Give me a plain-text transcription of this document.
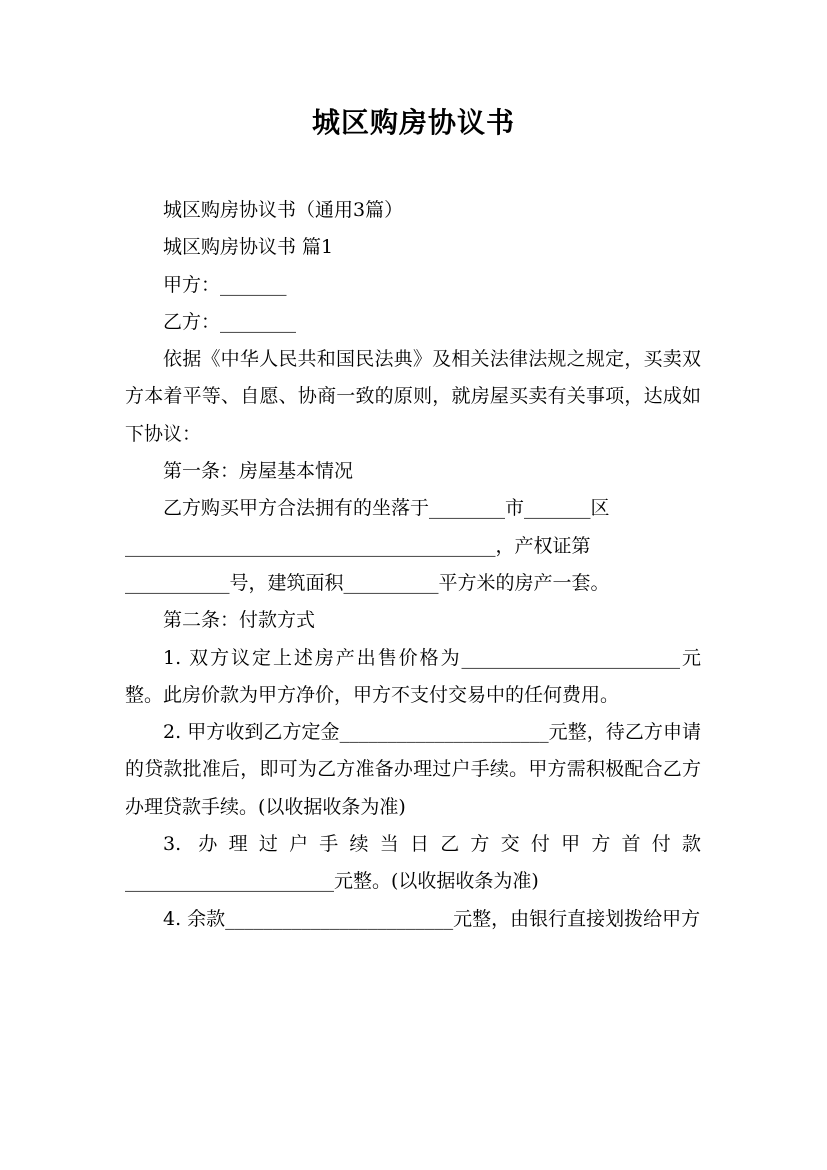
城区购房协议书

城区购房协议书（通用3篇）

城区购房协议书 篇1

甲方：_______

乙方：________

依据《中华人民共和国民法典》及相关法律法规之规定，买卖双方本着平等、自愿、协商一致的原则，就房屋买卖有关事项，达成如下协议：

第一条：房屋基本情况

乙方购买甲方合法拥有的坐落于________市_______区

_______________________________________，产权证第

___________号，建筑面积__________平方米的房产一套。

第二条：付款方式

1. 双方议定上述房产出售价格为_______________________元整。此房价款为甲方净价，甲方不支付交易中的任何费用。

2. 甲方收到乙方定金______________________元整，待乙方申请的贷款批准后，即可为乙方准备办理过户手续。甲方需积极配合乙方办理贷款手续。(以收据收条为准)

3. 办理过户手续当日乙方交付甲方首付款______________________元整。(以收据收条为准)

4. 余款________________________元整，由银行直接划拨给甲方
